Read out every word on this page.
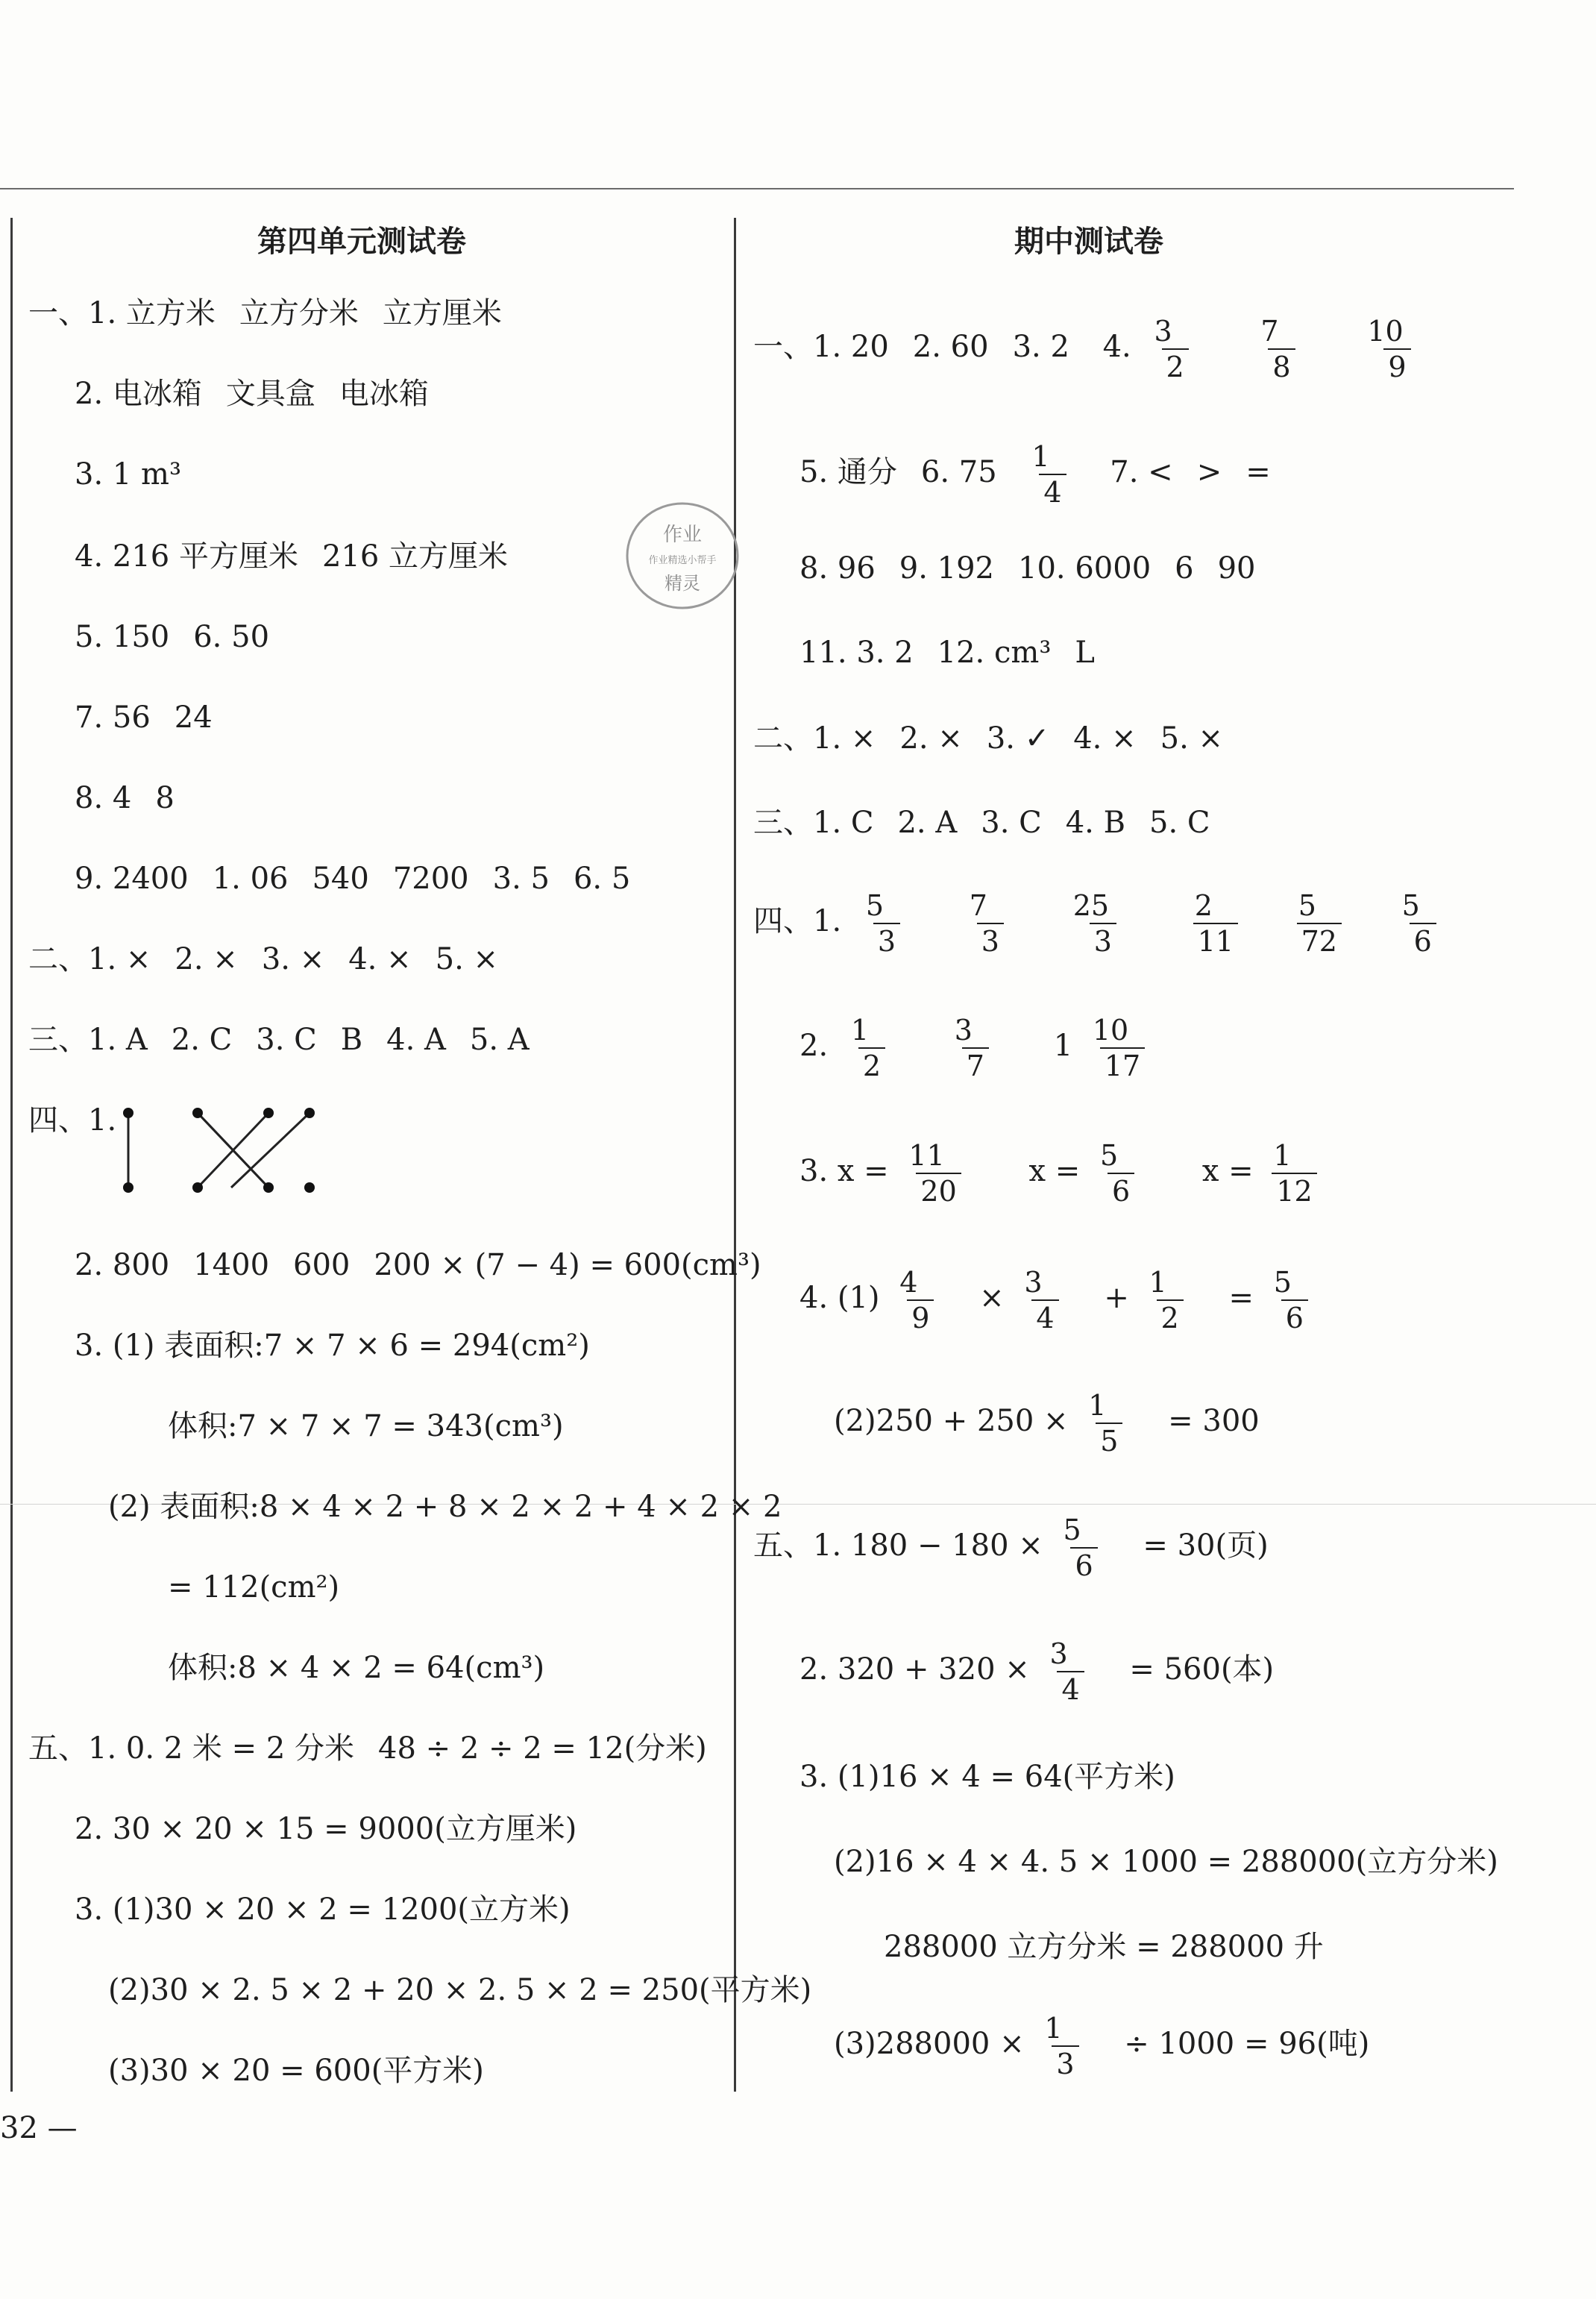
第四单元测试卷
一、1. 立方米 立方分米 立方厘米
2. 电冰箱 文具盒 电冰箱
3. 1 m³
4. 216 平方厘米 216 立方厘米
5. 150 6. 50
7. 56 24
8. 4 8
9. 2400 1. 06 540 7200 3. 5 6. 5
二、1. × 2. × 3. × 4. × 5. ×
三、1. A 2. C 3. C B 4. A 5. A
四、1.
2. 800 1400 600 200 × (7 − 4) = 600(cm³)
3. (1) 表面积:7 × 7 × 6 = 294(cm²)
体积:7 × 7 × 7 = 343(cm³)
(2) 表面积:8 × 4 × 2 + 8 × 2 × 2 + 4 × 2 × 2
= 112(cm²)
体积:8 × 4 × 2 = 64(cm³)
五、1. 0. 2 米 = 2 分米 48 ÷ 2 ÷ 2 = 12(分米)
2. 30 × 20 × 15 = 9000(立方厘米)
3. (1)30 × 20 × 2 = 1200(立方米)
(2)30 × 2. 5 × 2 + 20 × 2. 5 × 2 = 250(平方米)
(3)30 × 20 = 600(平方米)
作业
作业精选小帮手
精灵
32 —
期中测试卷
一、1. 20 2. 60 3. 2 4. $\frac{3}{2}$
$\frac{7}{8}$
$\frac{10}{9}$
5. 通分 6. $75 \frac{1}{4} 7$. < > =
8. 96 9. 192 10. 6000 6 90
11. 3. 2 12. cm³ L
二、1. × 2. × 3. ✓ 4. × 5. ×
三、1. C 2. A 3. C 4. B 5. C
四、1. $\frac{5}{3}$
$\frac{7}{3}$
$\frac{25}{3}$
$\frac{2}{11}$
$\frac{5}{72}$
$\frac{5}{6}$
2. $\frac{1}{2}$
$\frac{3}{7} 1 \frac{10}{17}$
3. $x = \frac{11}{20}$ $x = \frac{5}{6}$ $x = \frac{1}{12}$
4. $(1) \frac{4}{9} \times \frac{3}{4} + \frac{1}{2} = \frac{5}{6}$
$(2)250 + 250 \times \frac{1}{5} = 300$
五、1. $180 - 180 \times \frac{5}{6} = 30$(页)
2. $320 + 320 \times \frac{3}{4} = 560$(本)
3. (1)16 × 4 = 64(平方米)
(2)16 × 4 × 4. 5 × 1000 = 288000(立方分米)
288000 立方分米 = 288000 升
$(3)288000 \times \frac{1}{3} \div 1000 = 96$(吨)
